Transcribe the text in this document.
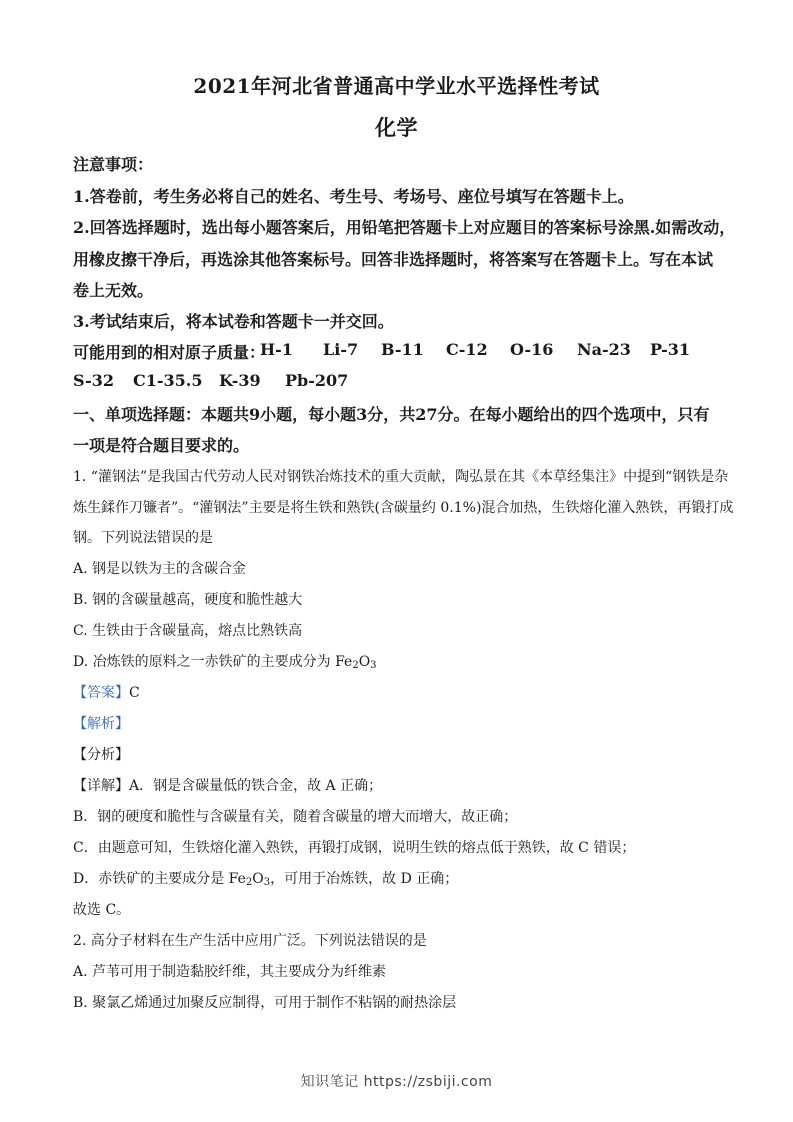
2021年河北省普通高中学业水平选择性考试
化学
注意事项：
1.答卷前，考生务必将自己的姓名、考生号、考场号、座位号填写在答题卡上。
2.回答选择题时，选出每小题答案后，用铅笔把答题卡上对应题目的答案标号涂黑.如需改动，
用橡皮擦干净后，再选涂其他答案标号。回答非选择题时，将答案写在答题卡上。写在本试
卷上无效。
3.考试结束后，将本试卷和答题卡一并交回。
可能用到的相对原子质量：
H-1 Li-7 B-11 C-12 O-16 Na-23 P-31
S-32 C1-35.5 K-39 Pb-207
一、单项选择题：本题共9小题，每小题3分，共27分。在每小题给出的四个选项中，只有
一项是符合题目要求的。
1. “灌钢法”是我国古代劳动人民对钢铁冶炼技术的重大贡献，陶弘景在其《本草经集注》中提到“钢铁是杂
炼生鍒作刀镰者”。“灌钢法”主要是将生铁和熟铁(含碳量约 0.1%)混合加热，生铁熔化灌入熟铁，再锻打成
钢。下列说法错误的是
A. 钢是以铁为主的含碳合金
B. 钢的含碳量越高，硬度和脆性越大
C. 生铁由于含碳量高，熔点比熟铁高
D. 冶炼铁的原料之一赤铁矿的主要成分为 $Fe_2O_3$
【答案】C
【解析】
【分析】
【详解】A．钢是含碳量低的铁合金，故 A 正确；
B．钢的硬度和脆性与含碳量有关，随着含碳量的增大而增大，故正确；
C．由题意可知，生铁熔化灌入熟铁，再锻打成钢，说明生铁的熔点低于熟铁，故 C 错误；
D．赤铁矿的主要成分是 $Fe_2O_3$，可用于冶炼铁，故 D 正确；
故选 C。
2. 高分子材料在生产生活中应用广泛。下列说法错误的是
A. 芦苇可用于制造黏胶纤维，其主要成分为纤维素
B. 聚氯乙烯通过加聚反应制得，可用于制作不粘锅的耐热涂层
知识笔记 https://zsbiji.com
